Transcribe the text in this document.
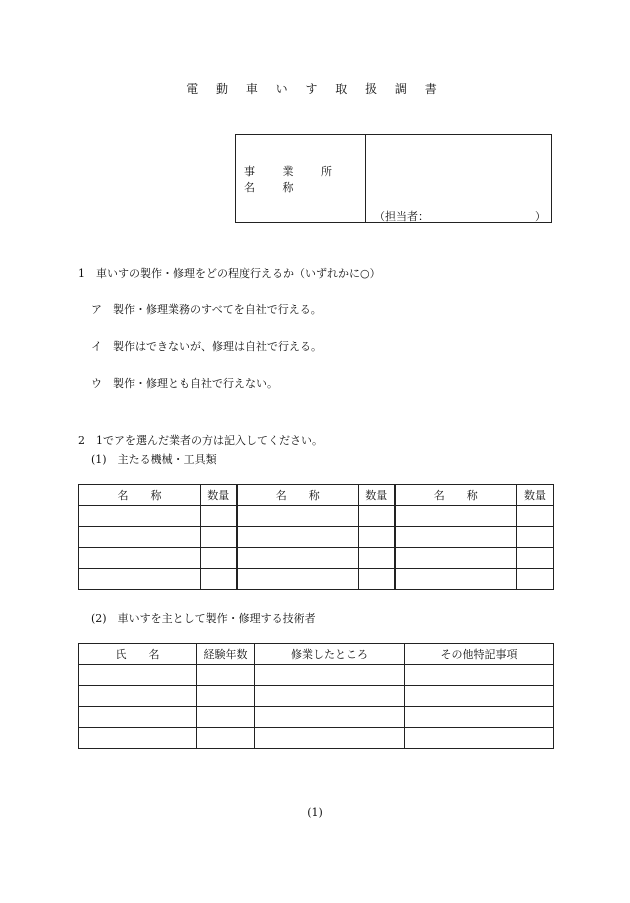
電 動 車 い す 取 扱 調 書
事 業 所 名 称
（担当者：	）
1　車いすの製作・修理をどの程度行えるか（いずれかに○）
ア　製作・修理業務のすべてを自社で行える。
イ　製作はできないが、修理は自社で行える。
ウ　製作・修理とも自社で行えない。
2　1でアを選んだ業者の方は記入してください。
(1)　主たる機械・工具類
名　　称	数量	名　　称	数量	名　　称	数量

(2)　車いすを主として製作・修理する技術者
氏　　名	経験年数	修業したところ	その他特記事項

(1)
